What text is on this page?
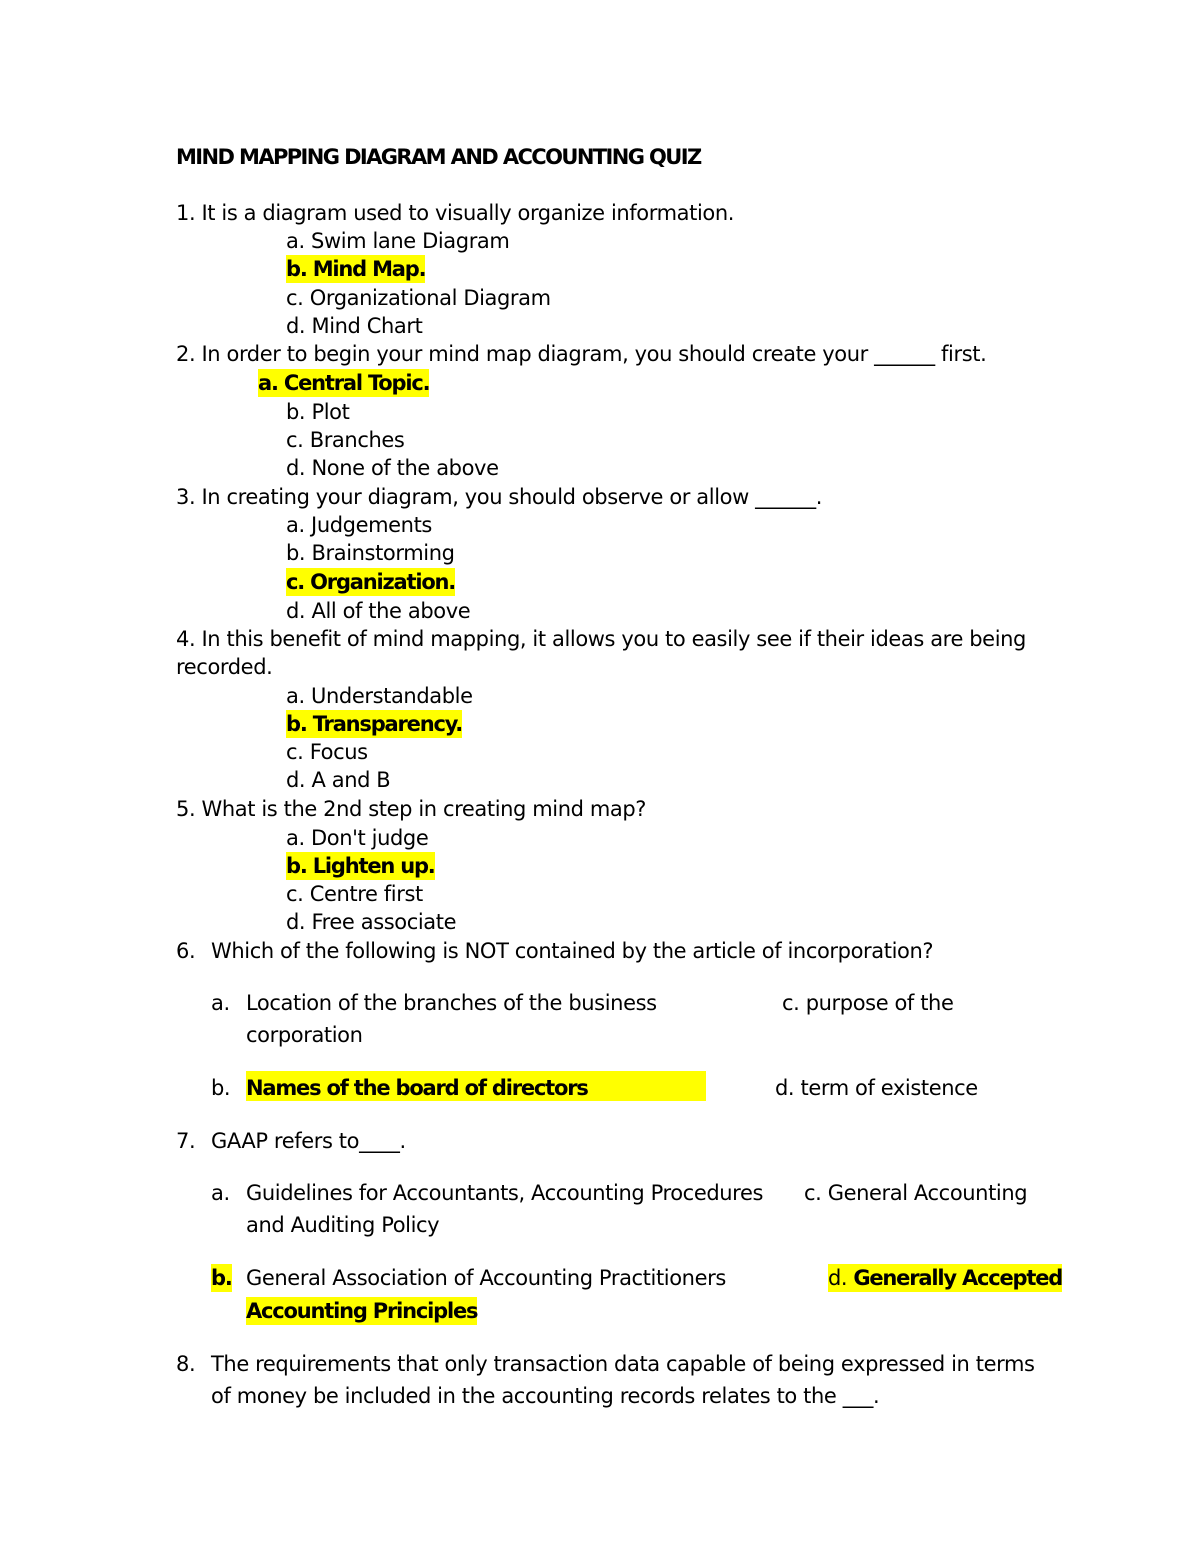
MIND MAPPING DIAGRAM AND ACCOUNTING QUIZ
1. It is a diagram used to visually organize information.
a. Swim lane Diagram
b. Mind Map.
c. Organizational Diagram
d. Mind Chart
2. In order to begin your mind map diagram, you should create your ______ first.
a. Central Topic.
b. Plot
c. Branches
d. None of the above
3. In creating your diagram, you should observe or allow ______.
a. Judgements
b. Brainstorming
c. Organization.
d. All of the above
4. In this benefit of mind mapping, it allows you to easily see if their ideas are being
recorded.
a. Understandable
b. Transparency.
c. Focus
d. A and B
5. What is the 2nd step in creating mind map?
a. Don't judge
b. Lighten up.
c. Centre first
d. Free associate
6. Which of the following is NOT contained by the article of incorporation?
a. Location of the branches of the business
corporation
c. purpose of the
b. Names of the board of directors	d. term of existence
7. GAAP refers to____.
a. Guidelines for Accountants, Accounting Procedures
and Auditing Policy
c. General Accounting
b. General Association of Accounting Practitioners	d. Generally Accepted
Accounting Principles
8. The requirements that only transaction data capable of being expressed in terms
of money be included in the accounting records relates to the ___.
